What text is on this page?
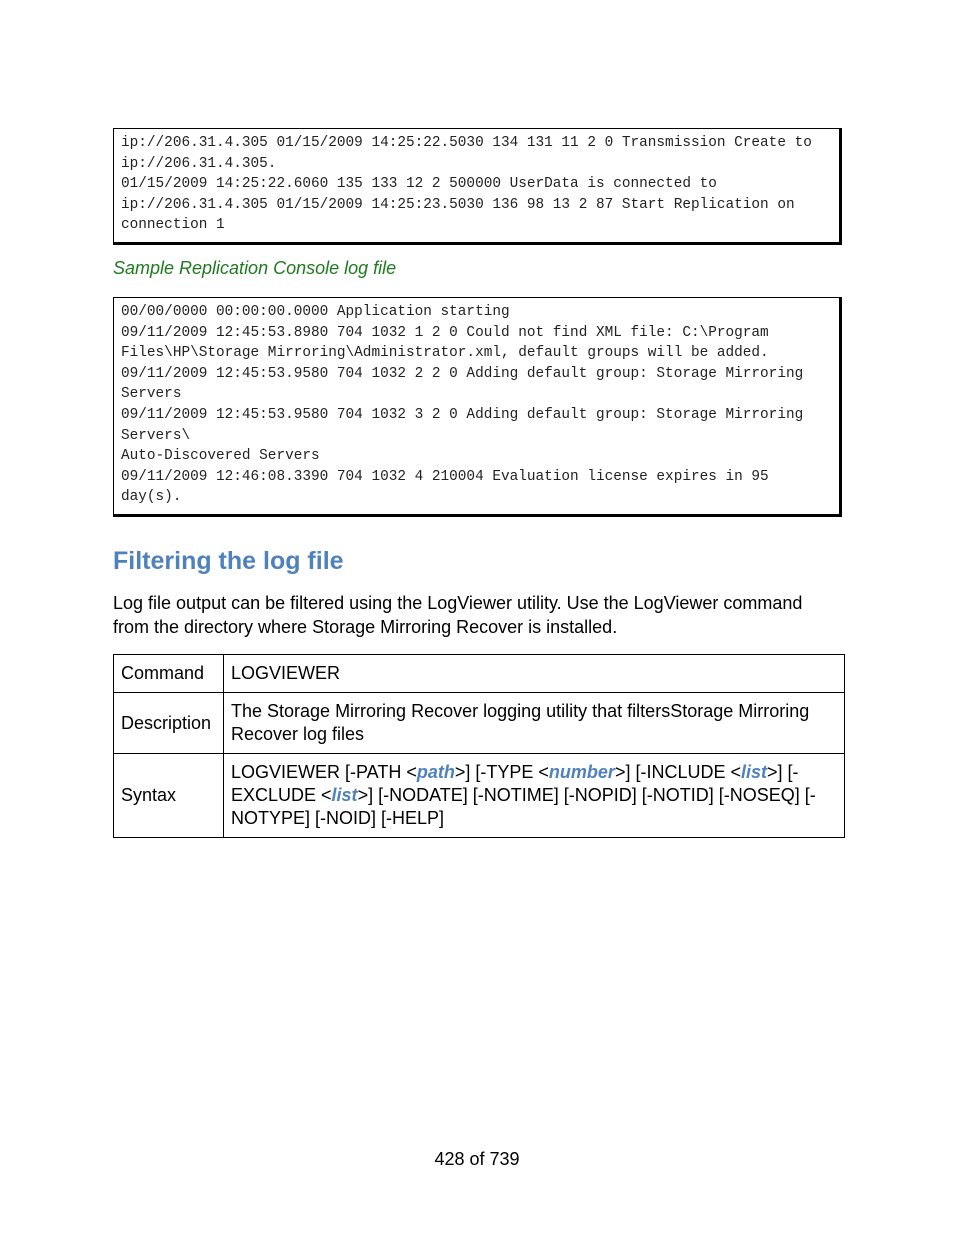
ip://206.31.4.305 01/15/2009 14:25:22.5030 134 131 11 2 0 Transmission Create to ip://206.31.4.305.
01/15/2009 14:25:22.6060 135 133 12 2 500000 UserData is connected to ip://206.31.4.305 01/15/2009 14:25:23.5030 136 98 13 2 87 Start Replication on connection 1
Sample Replication Console log file
00/00/0000 00:00:00.0000 Application starting
09/11/2009 12:45:53.8980 704 1032 1 2 0 Could not find XML file: C:\Program Files\HP\Storage Mirroring\Administrator.xml, default groups will be added.
09/11/2009 12:45:53.9580 704 1032 2 2 0 Adding default group: Storage Mirroring Servers
09/11/2009 12:45:53.9580 704 1032 3 2 0 Adding default group: Storage Mirroring Servers\
Auto-Discovered Servers
09/11/2009 12:46:08.3390 704 1032 4 210004 Evaluation license expires in 95 day(s).
Filtering the log file

Log file output can be filtered using the LogViewer utility. Use the LogViewer command from the directory where Storage Mirroring Recover is installed.

Command	LOGVIEWER
Description	The Storage Mirroring Recover logging utility that filtersStorage Mirroring Recover log files
Syntax	LOGVIEWER [-PATH <path>] [-TYPE <number>] [-INCLUDE <list>] [-EXCLUDE <list>] [-NODATE] [-NOTIME] [-NOPID] [-NOTID] [-NOSEQ] [-NOTYPE] [-NOID] [-HELP]
428 of 739
